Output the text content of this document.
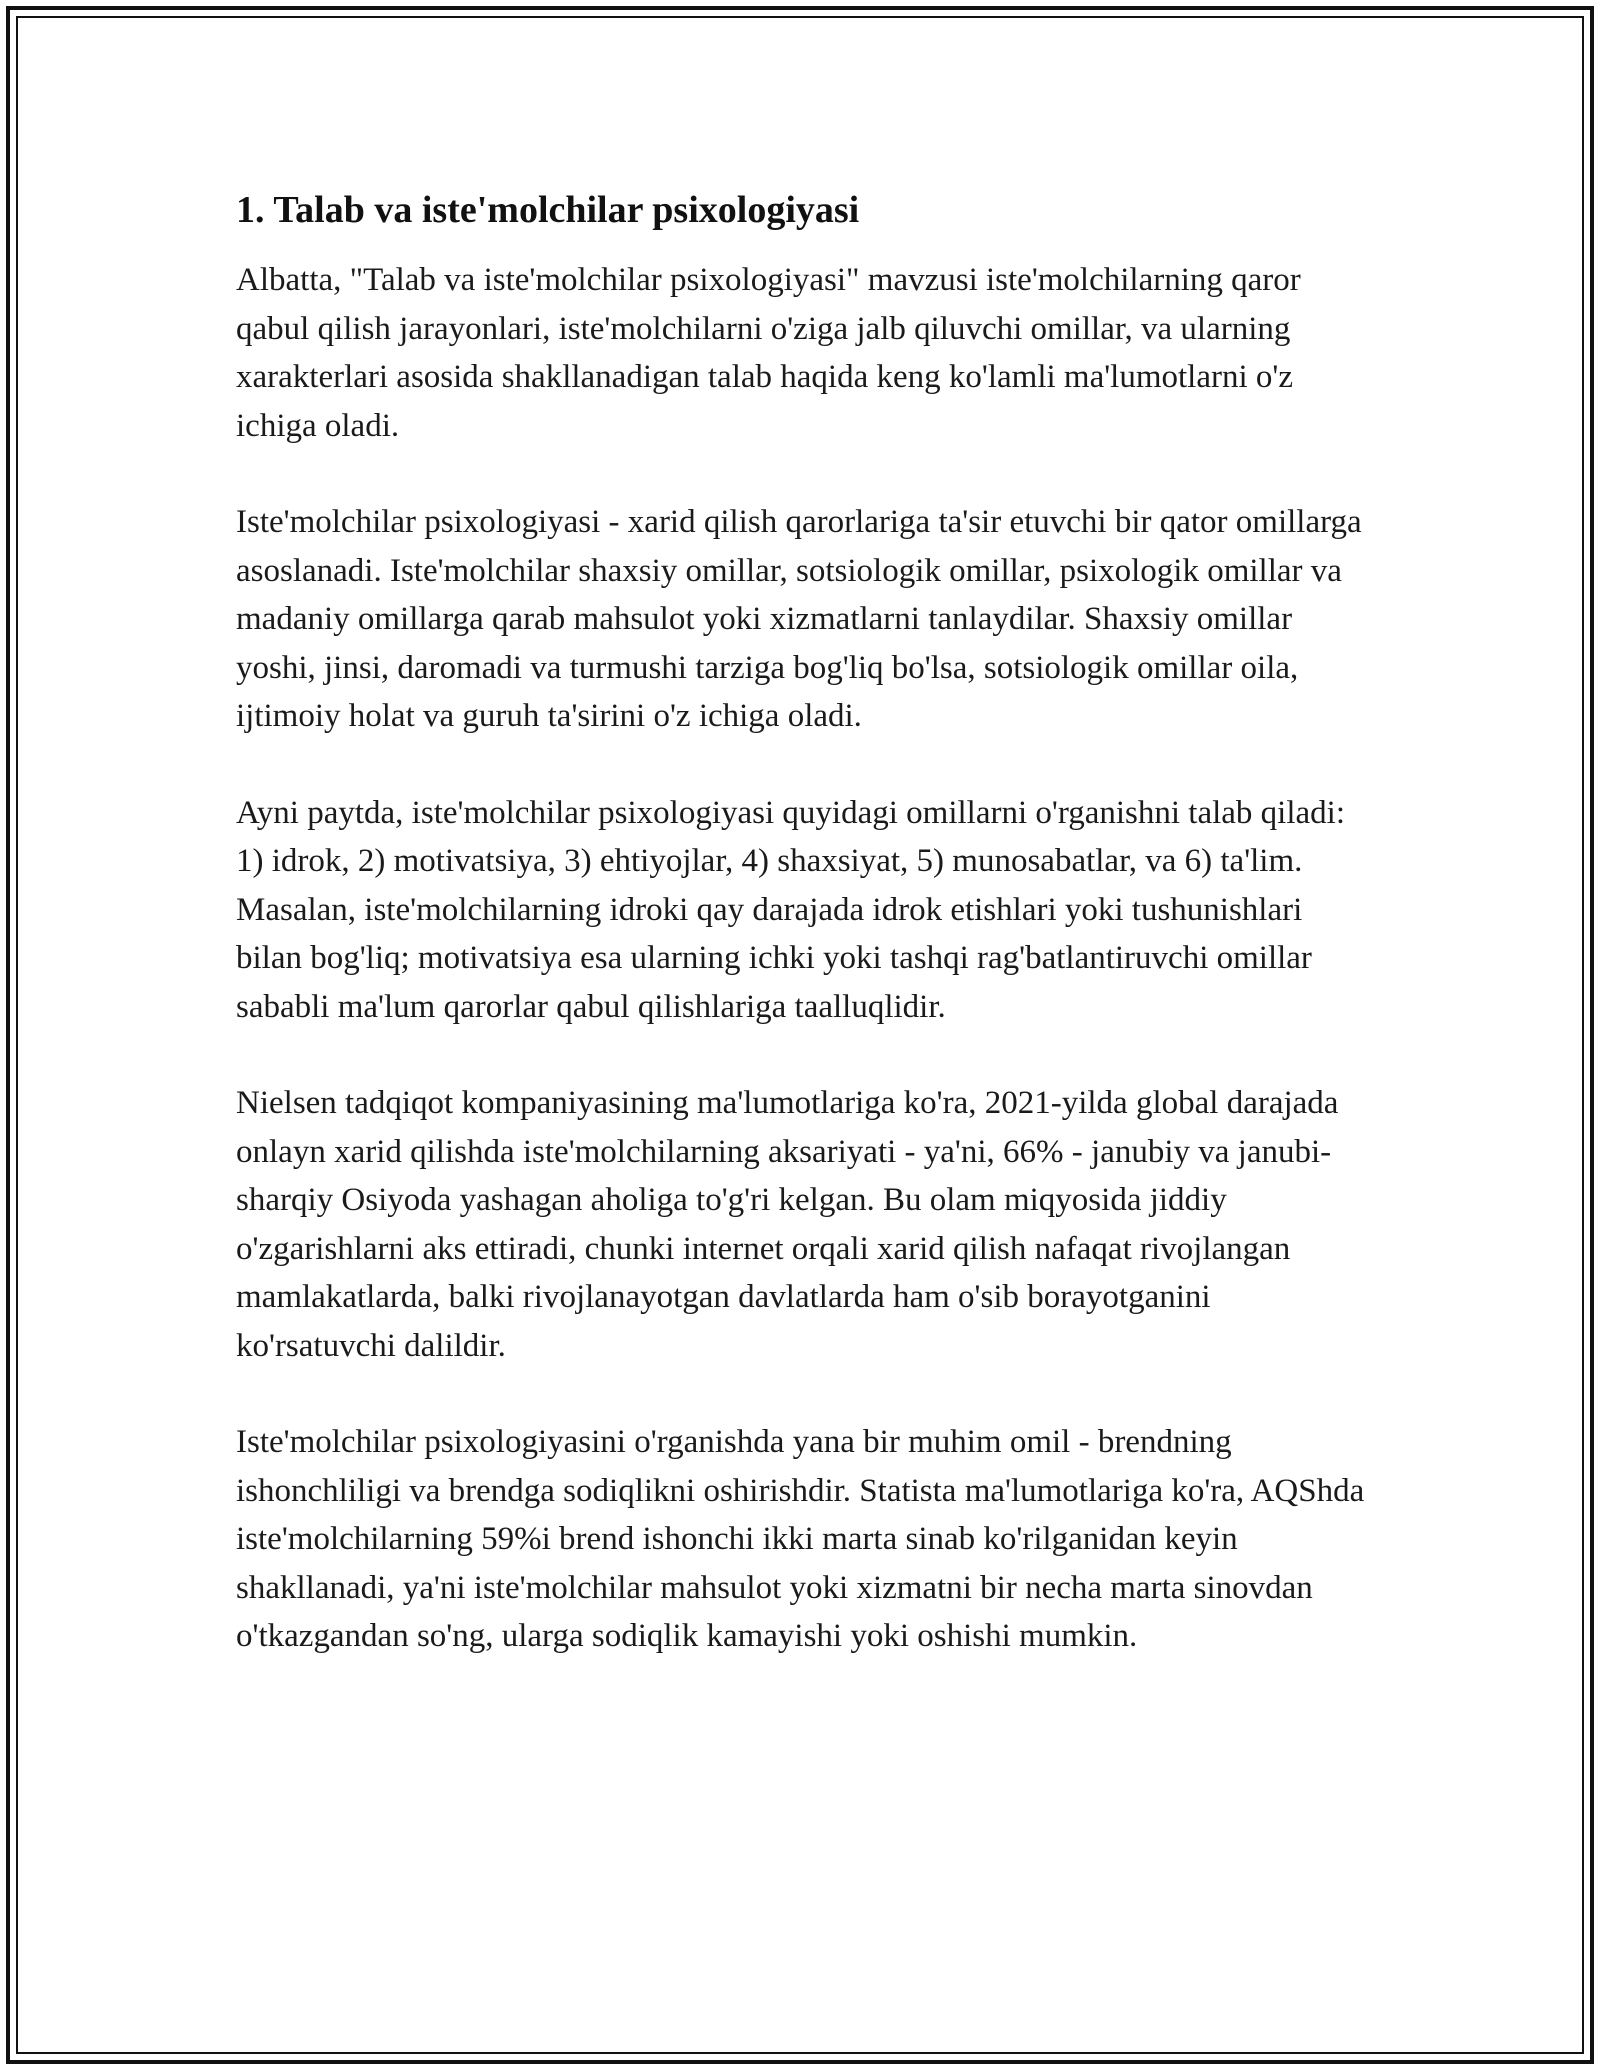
1. Talab va iste'molchilar psixologiyasi

Albatta, "Talab va iste'molchilar psixologiyasi" mavzusi iste'molchilarning qaror qabul qilish jarayonlari, iste'molchilarni o'ziga jalb qiluvchi omillar, va ularning xarakterlari asosida shakllanadigan talab haqida keng ko'lamli ma'lumotlarni o'z ichiga oladi.

Iste'molchilar psixologiyasi - xarid qilish qarorlariga ta'sir etuvchi bir qator omillarga asoslanadi. Iste'molchilar shaxsiy omillar, sotsiologik omillar, psixologik omillar va madaniy omillarga qarab mahsulot yoki xizmatlarni tanlaydilar. Shaxsiy omillar yoshi, jinsi, daromadi va turmushi tarziga bog'liq bo'lsa, sotsiologik omillar oila, ijtimoiy holat va guruh ta'sirini o'z ichiga oladi.

Ayni paytda, iste'molchilar psixologiyasi quyidagi omillarni o'rganishni talab qiladi: 1) idrok, 2) motivatsiya, 3) ehtiyojlar, 4) shaxsiyat, 5) munosabatlar, va 6) ta'lim. Masalan, iste'molchilarning idroki qay darajada idrok etishlari yoki tushunishlari bilan bog'liq; motivatsiya esa ularning ichki yoki tashqi rag'batlantiruvchi omillar sababli ma'lum qarorlar qabul qilishlariga taalluqlidir.

Nielsen tadqiqot kompaniyasining ma'lumotlariga ko'ra, 2021-yilda global darajada onlayn xarid qilishda iste'molchilarning aksariyati - ya'ni, 66% - janubiy va janubi-sharqiy Osiyoda yashagan aholiga to'g'ri kelgan. Bu olam miqyosida jiddiy o'zgarishlarni aks ettiradi, chunki internet orqali xarid qilish nafaqat rivojlangan mamlakatlarda, balki rivojlanayotgan davlatlarda ham o'sib borayotganini ko'rsatuvchi dalildir.

Iste'molchilar psixologiyasini o'rganishda yana bir muhim omil - brendning ishonchliligi va brendga sodiqlikni oshirishdir. Statista ma'lumotlariga ko'ra, AQShda iste'molchilarning 59%i brend ishonchi ikki marta sinab ko'rilganidan keyin shakllanadi, ya'ni iste'molchilar mahsulot yoki xizmatni bir necha marta sinovdan o'tkazgandan so'ng, ularga sodiqlik kamayishi yoki oshishi mumkin.
